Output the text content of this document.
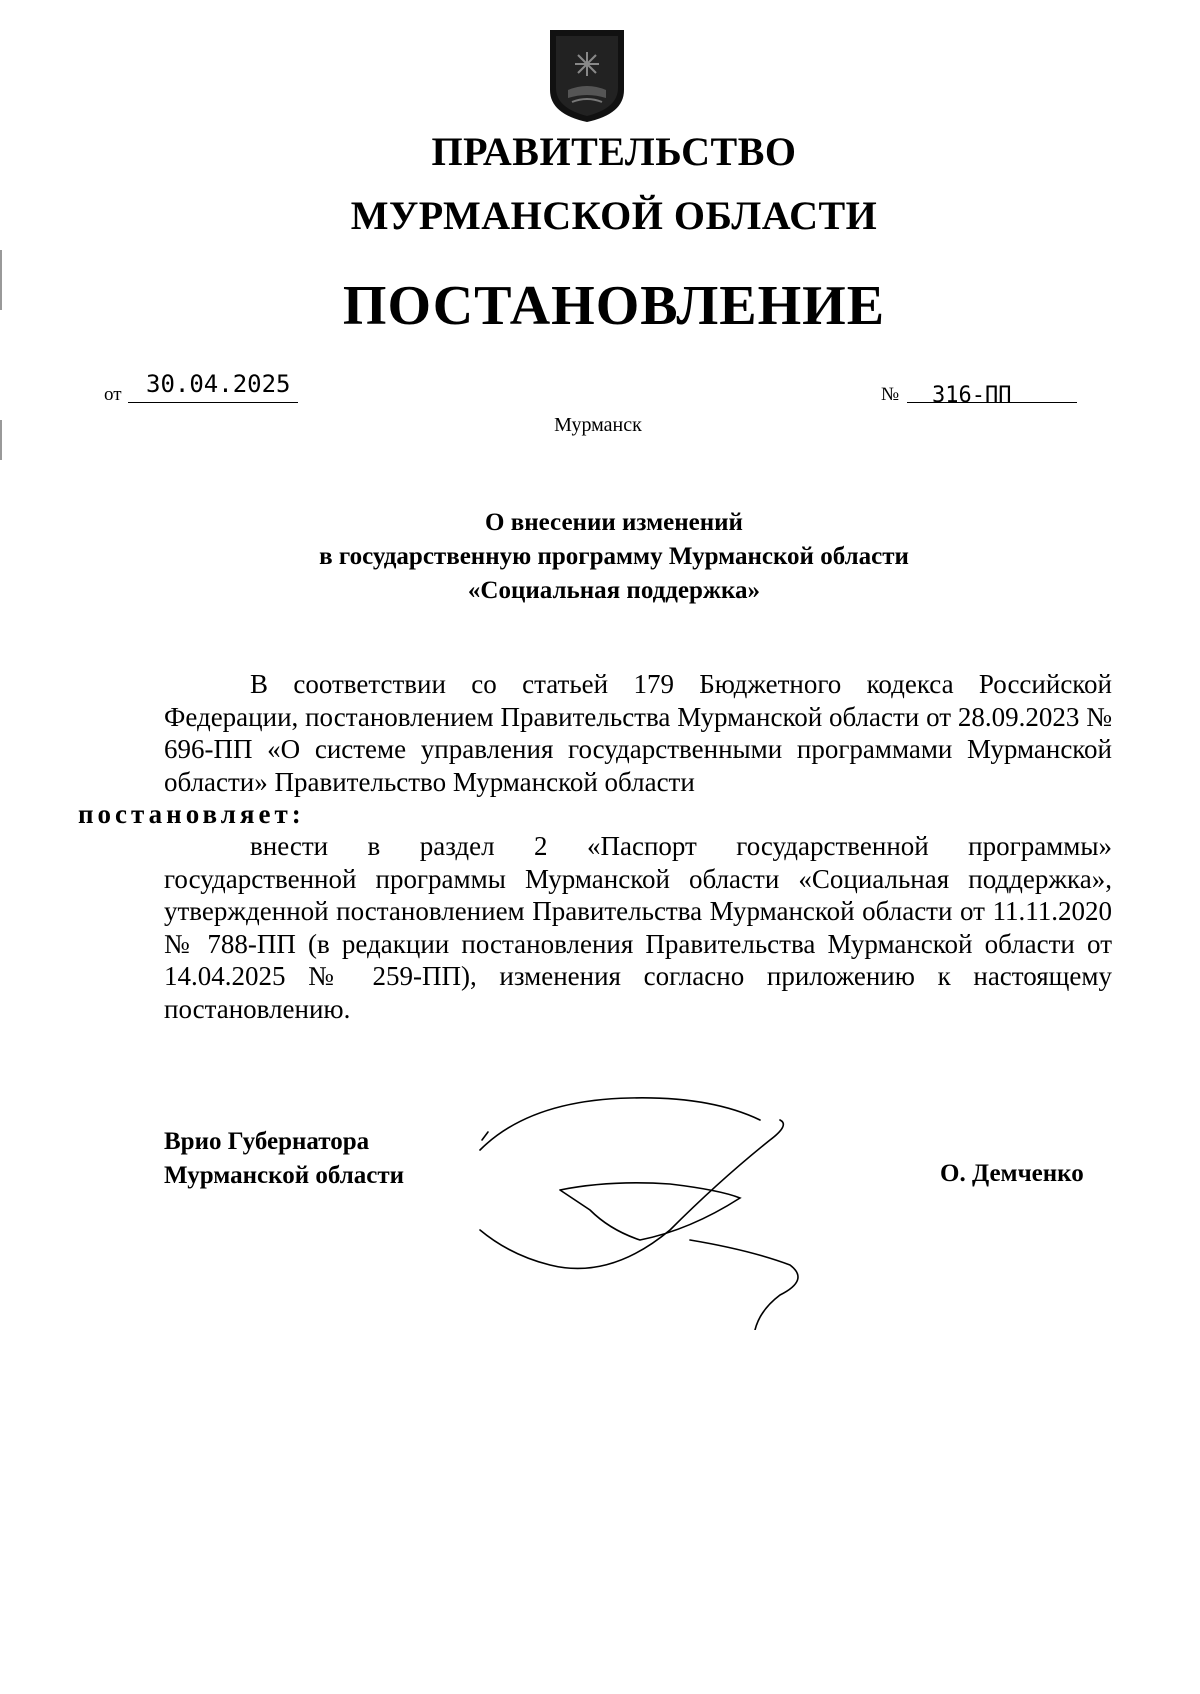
ПРАВИТЕЛЬСТВО
МУРМАНСКОЙ ОБЛАСТИ
ПОСТАНОВЛЕНИЕ
от 30.04.2025	№ 316-ПП
Мурманск
О внесении изменений
в государственную программу Мурманской области
«Социальная поддержка»
В соответствии со статьей 179 Бюджетного кодекса Российской Федерации, постановлением Правительства Мурманской области от 28.09.2023 № 696-ПП «О системе управления государственными программами Мурманской области» Правительство Мурманской области
постановляет:
внести в раздел 2 «Паспорт государственной программы» государственной программы Мурманской области «Социальная поддержка», утвержденной постановлением Правительства Мурманской области от 11.11.2020 № 788-ПП (в редакции постановления Правительства Мурманской области от 14.04.2025 № 259-ПП), изменения согласно приложению к настоящему постановлению.
Врио Губернатора
Мурманской области	О. Демченко
